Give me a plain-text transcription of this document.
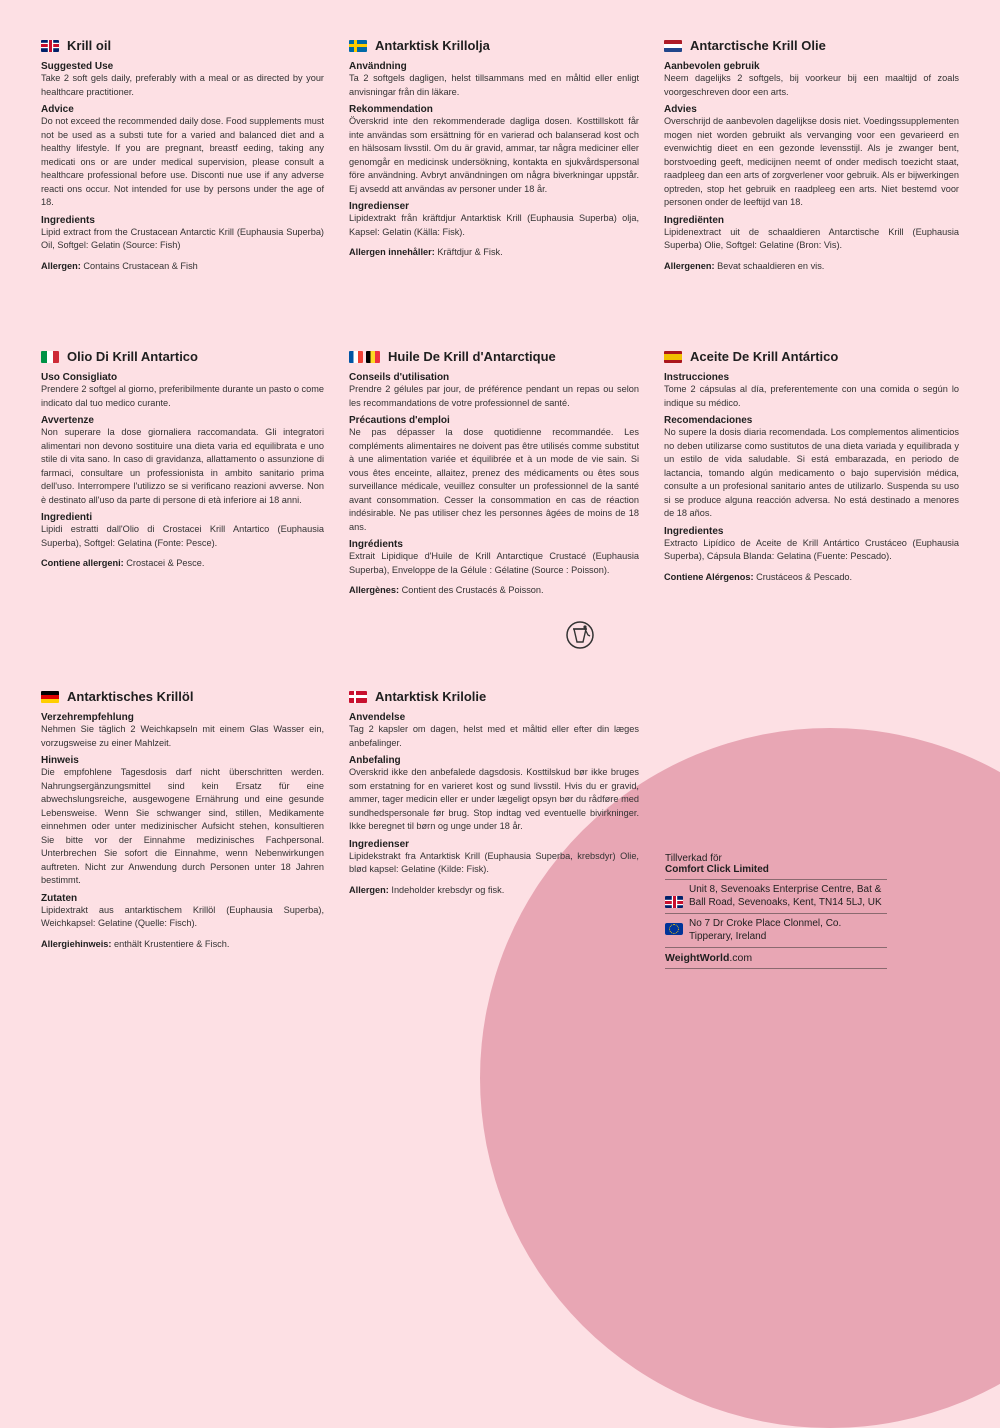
Krill oil
Suggested Use
Take 2 soft gels daily, preferably with a meal or as directed by your healthcare practitioner.
Advice
Do not exceed the recommended daily dose. Food supplements must not be used as a substi tute for a varied and balanced diet and a healthy lifestyle. If you are pregnant, breastf eeding, taking any medicati ons or are under medical supervision, please consult a healthcare professional before use. Disconti nue use if any adverse reacti ons occur. Not intended for use by persons under the age of 18.
Ingredients
Lipid extract from the Crustacean Antarctic Krill (Euphausia Superba) Oil, Softgel: Gelatin (Source: Fish)
Allergen: Contains Crustacean & Fish
Antarktisk Krillolja
Användning
Ta 2 softgels dagligen, helst tillsammans med en måltid eller enligt anvisningar från din läkare.
Rekommendation
Överskrid inte den rekommenderade dagliga dosen. Kosttillskott får inte användas som ersättning för en varierad och balanserad kost och en hälsosam livsstil. Om du är gravid, ammar, tar några mediciner eller genomgår en medicinsk undersökning, kontakta en sjukvårdspersonal före användning. Avbryt användningen om några biverkningar uppstår. Ej avsedd att användas av personer under 18 år.
Ingredienser
Lipidextrakt från kräftdjur Antarktisk Krill (Euphausia Superba) olja, Kapsel: Gelatin (Källa: Fisk).
Allergen innehåller: Kräftdjur & Fisk.
Antarctische Krill Olie
Aanbevolen gebruik
Neem dagelijks 2 softgels, bij voorkeur bij een maaltijd of zoals voorgeschreven door een arts.
Advies
Overschrijd de aanbevolen dagelijkse dosis niet. Voedingssupplementen mogen niet worden gebruikt als vervanging voor een gevarieerd en evenwichtig dieet en een gezonde levensstijl. Als je zwanger bent, borstvoeding geeft, medicijnen neemt of onder medisch toezicht staat, raadpleeg dan een arts of zorgverlener voor gebruik. Als er bijwerkingen optreden, stop het gebruik en raadpleeg een arts. Niet bestemd voor personen onder de leeftijd van 18.
Ingrediënten
Lipidenextract uit de schaaldieren Antarctische Krill (Euphausia Superba) Olie, Softgel: Gelatine (Bron: Vis).
Allergenen: Bevat schaaldieren en vis.
Olio Di Krill Antartico
Uso Consigliato
Prendere 2 softgel al giorno, preferibilmente durante un pasto o come indicato dal tuo medico curante.
Avvertenze
Non superare la dose giornaliera raccomandata. Gli integratori alimentari non devono sostituire una dieta varia ed equilibrata e uno stile di vita sano. In caso di gravidanza, allattamento o assunzione di farmaci, consultare un professionista in ambito sanitario prima dell'uso. Interrompere l'utilizzo se si verificano reazioni avverse. Non è destinato all'uso da parte di persone di età inferiore ai 18 anni.
Ingredienti
Lipidi estratti dall'Olio di Crostacei Krill Antartico (Euphausia Superba), Softgel: Gelatina (Fonte: Pesce).
Contiene allergeni: Crostacei & Pesce.
Huile De Krill d'Antarctique
Conseils d'utilisation
Prendre 2 gélules par jour, de préférence pendant un repas ou selon les recommandations de votre professionnel de santé.
Précautions d'emploi
Ne pas dépasser la dose quotidienne recommandée. Les compléments alimentaires ne doivent pas être utilisés comme substitut à une alimentation variée et équilibrée et à un mode de vie sain. Si vous êtes enceinte, allaitez, prenez des médicaments ou êtes sous surveillance médicale, veuillez consulter un professionnel de la santé avant consommation. Cesser la consommation en cas de réaction indésirable. Ne pas utiliser chez les personnes âgées de moins de 18 ans.
Ingrédients
Extrait Lipidique d'Huile de Krill Antarctique Crustacé (Euphausia Superba), Enveloppe de la Gélule : Gélatine (Source : Poisson).
Allergènes: Contient des Crustacés & Poisson.
Aceite De Krill Antártico
Instrucciones
Tome 2 cápsulas al día, preferentemente con una comida o según lo indique su médico.
Recomendaciones
No supere la dosis diaria recomendada. Los complementos alimenticios no deben utilizarse como sustitutos de una dieta variada y equilibrada y un estilo de vida saludable. Si está embarazada, en periodo de lactancia, tomando algún medicamento o bajo supervisión médica, consulte a un profesional sanitario antes de utilizarlo. Suspenda su uso si se produce alguna reacción adversa. No está destinado a menores de 18 años.
Ingredientes
Extracto Lipídico de Aceite de Krill Antártico Crustáceo (Euphausia Superba), Cápsula Blanda: Gelatina (Fuente: Pescado).
Contiene Alérgenos: Crustáceos & Pescado.
Antarktisches Krillöl
Verzehrempfehlung
Nehmen Sie täglich 2 Weichkapseln mit einem Glas Wasser ein, vorzugsweise zu einer Mahlzeit.
Hinweis
Die empfohlene Tagesdosis darf nicht überschritten werden. Nahrungsergänzungsmittel sind kein Ersatz für eine abwechslungsreiche, ausgewogene Ernährung und eine gesunde Lebensweise. Wenn Sie schwanger sind, stillen, Medikamente einnehmen oder unter medizinischer Aufsicht stehen, konsultieren Sie bitte vor der Einnahme medizinisches Fachpersonal. Unterbrechen Sie sofort die Einnahme, wenn Nebenwirkungen auftreten. Nicht zur Anwendung durch Personen unter 18 Jahren bestimmt.
Zutaten
Lipidextrakt aus antarktischem Krillöl (Euphausia Superba), Weichkapsel: Gelatine (Quelle: Fisch).
Allergiehinweis: enthält Krustentiere & Fisch.
Antarktisk Krilolie
Anvendelse
Tag 2 kapsler om dagen, helst med et måltid eller efter din læges anbefalinger.
Anbefaling
Overskrid ikke den anbefalede dagsdosis. Kosttilskud bør ikke bruges som erstatning for en varieret kost og sund livsstil. Hvis du er gravid, ammer, tager medicin eller er under lægeligt opsyn bør du rådføre med sundhedspersonale før brug. Stop indtag ved eventuelle bivirkninger. Ikke beregnet til børn og unge under 18 år.
Ingredienser
Lipidekstrakt fra Antarktisk Krill (Euphausia Superba, krebsdyr) Olie, blød kapsel: Gelatine (Kilde: Fisk).
Allergen: Indeholder krebsdyr og fisk.
Tillverkad för
Comfort Click Limited
Unit 8, Sevenoaks Enterprise Centre, Bat & Ball Road, Sevenoaks, Kent, TN14 5LJ, UK
No 7 Dr Croke Place Clonmel, Co. Tipperary, Ireland
WeightWorld.com
